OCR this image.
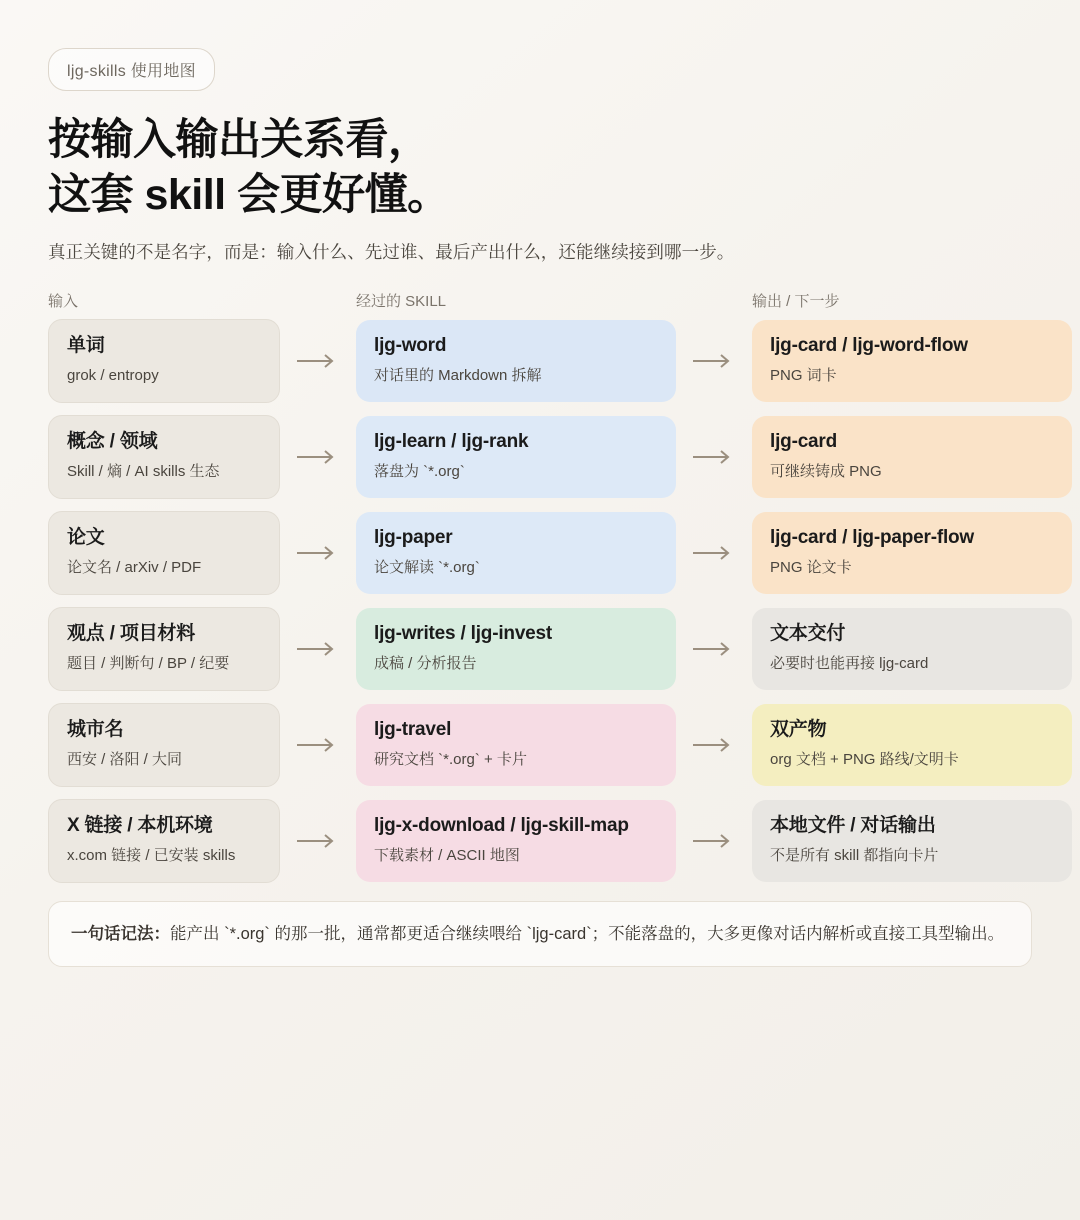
ljg-skills 使用地图
按输入输出关系看，
这套 skill 会更好懂。
真正关键的不是名字，而是：输入什么、先过谁、最后产出什么，还能继续接到哪一步。
输入	经过的 SKILL	输出 / 下一步
单词
grok / entropy
ljg-word
对话里的 Markdown 拆解
ljg-card / ljg-word-flow
PNG 词卡
概念 / 领域
Skill / 熵 / AI skills 生态
ljg-learn / ljg-rank
落盘为 `*.org`
ljg-card
可继续铸成 PNG
论文
论文名 / arXiv / PDF
ljg-paper
论文解读 `*.org`
ljg-card / ljg-paper-flow
PNG 论文卡
观点 / 项目材料
题目 / 判断句 / BP / 纪要
ljg-writes / ljg-invest
成稿 / 分析报告
文本交付
必要时也能再接 ljg-card
城市名
西安 / 洛阳 / 大同
ljg-travel
研究文档 `*.org` + 卡片
双产物
org 文档 + PNG 路线/文明卡
X 链接 / 本机环境
x.com 链接 / 已安装 skills
ljg-x-download / ljg-skill-map
下载素材 / ASCII 地图
本地文件 / 对话输出
不是所有 skill 都指向卡片
一句话记法：能产出 `*.org` 的那一批，通常都更适合继续喂给 `ljg-card`；不能落盘的，大多更像对话内解析或直接工具型输出。
